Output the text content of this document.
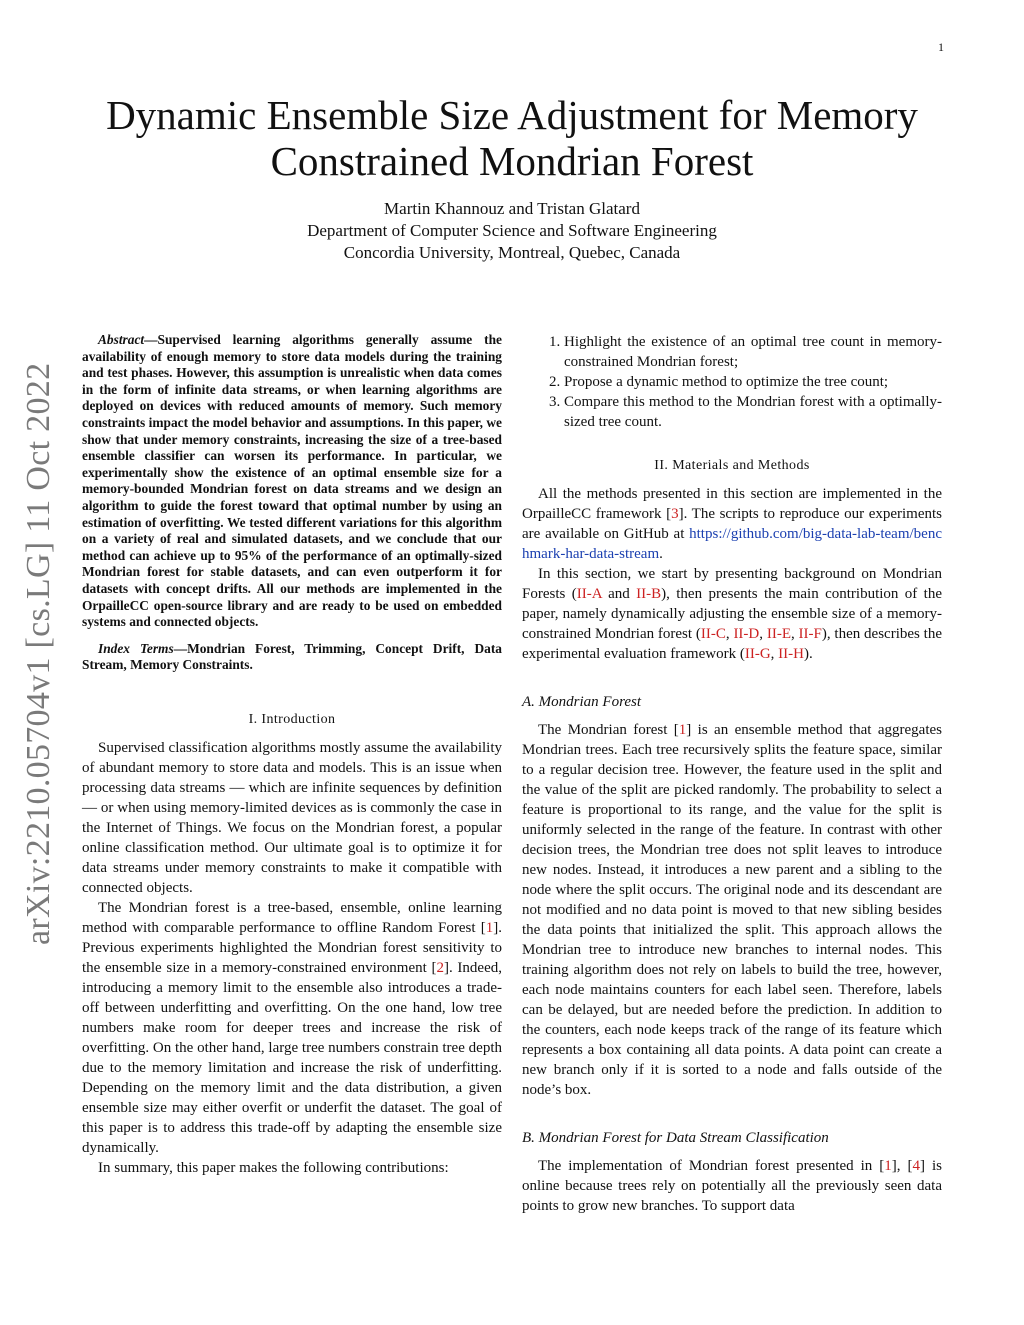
1
arXiv:2210.05704v1 [cs.LG] 11 Oct 2022
Dynamic Ensemble Size Adjustment for Memory
Constrained Mondrian Forest
Martin Khannouz and Tristan Glatard
Department of Computer Science and Software Engineering
Concordia University, Montreal, Quebec, Canada

Abstract—Supervised learning algorithms generally assume the availability of enough memory to store data models during the training and test phases. However, this assumption is unrealistic when data comes in the form of infinite data streams, or when learning algorithms are deployed on devices with reduced amounts of memory. Such memory constraints impact the model behavior and assumptions. In this paper, we show that under memory constraints, increasing the size of a tree-based ensemble classifier can worsen its performance. In particular, we experimentally show the existence of an optimal ensemble size for a memory-bounded Mondrian forest on data streams and we design an algorithm to guide the forest toward that optimal number by using an estimation of overfitting. We tested different variations for this algorithm on a variety of real and simulated datasets, and we conclude that our method can achieve up to 95% of the performance of an optimally-sized Mondrian forest for stable datasets, and can even outperform it for datasets with concept drifts. All our methods are implemented in the OrpailleCC open-source library and are ready to be used on embedded systems and connected objects.

Index Terms—Mondrian Forest, Trimming, Concept Drift, Data Stream, Memory Constraints.

I. Introduction

Supervised classification algorithms mostly assume the availability of abundant memory to store data and models. This is an issue when processing data streams — which are infinite sequences by definition — or when using memory-limited devices as is commonly the case in the Internet of Things. We focus on the Mondrian forest, a popular online classification method. Our ultimate goal is to optimize it for data streams under memory constraints to make it compatible with connected objects.

The Mondrian forest is a tree-based, ensemble, online learning method with comparable performance to offline Random Forest [1]. Previous experiments highlighted the Mondrian forest sensitivity to the ensemble size in a memory-constrained environment [2]. Indeed, introducing a memory limit to the ensemble also introduces a trade-off between underfitting and overfitting. On the one hand, low tree numbers make room for deeper trees and increase the risk of overfitting. On the other hand, large tree numbers constrain tree depth due to the memory limitation and increase the risk of underfitting. Depending on the memory limit and the data distribution, a given ensemble size may either overfit or underfit the dataset. The goal of this paper is to address this trade-off by adapting the ensemble size dynamically.

In summary, this paper makes the following contributions:

1. Highlight the existence of an optimal tree count in memory-constrained Mondrian forest;
2. Propose a dynamic method to optimize the tree count;
3. Compare this method to the Mondrian forest with a optimally-sized tree count.
II. Materials and Methods

All the methods presented in this section are implemented in the OrpailleCC framework [3]. The scripts to reproduce our experiments are available on GitHub at https://github.com/big-data-lab-team/benchmark-har-data-stream.

In this section, we start by presenting background on Mondrian Forests (II-A and II-B), then presents the main contribution of the paper, namely dynamically adjusting the ensemble size of a memory-constrained Mondrian forest (II-C, II-D, II-E, II-F), then describes the experimental evaluation framework (II-G, II-H).

A. Mondrian Forest

The Mondrian forest [1] is an ensemble method that aggregates Mondrian trees. Each tree recursively splits the feature space, similar to a regular decision tree. However, the feature used in the split and the value of the split are picked randomly. The probability to select a feature is proportional to its range, and the value for the split is uniformly selected in the range of the feature. In contrast with other decision trees, the Mondrian tree does not split leaves to introduce new nodes. Instead, it introduces a new parent and a sibling to the node where the split occurs. The original node and its descendant are not modified and no data point is moved to that new sibling besides the data points that initialized the split. This approach allows the Mondrian tree to introduce new branches to internal nodes. This training algorithm does not rely on labels to build the tree, however, each node maintains counters for each label seen. Therefore, labels can be delayed, but are needed before the prediction. In addition to the counters, each node keeps track of the range of its feature which represents a box containing all data points. A data point can create a new branch only if it is sorted to a node and falls outside of the node’s box.

B. Mondrian Forest for Data Stream Classification

The implementation of Mondrian forest presented in [1], [4] is online because trees rely on potentially all the previously seen data points to grow new branches. To support data
